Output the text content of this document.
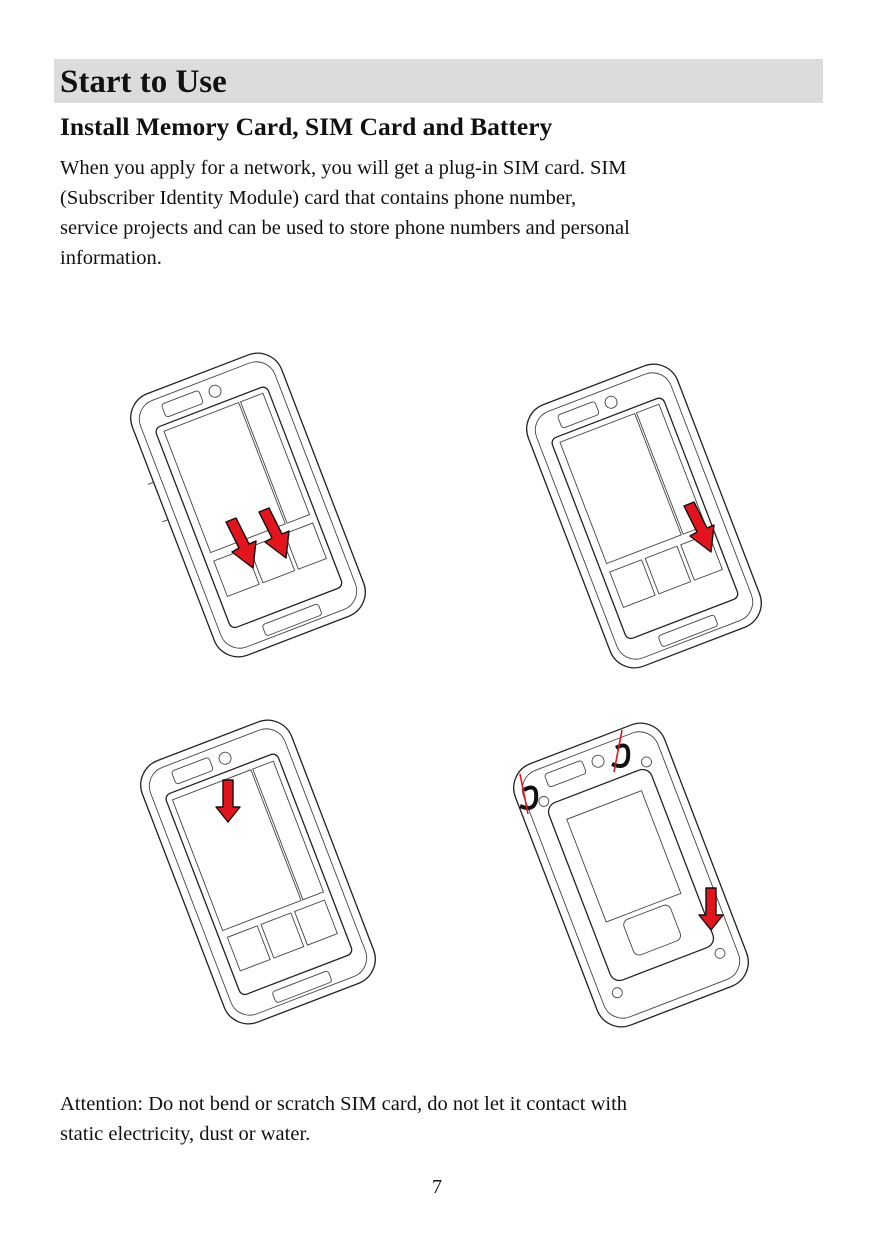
Start to Use
Install Memory Card, SIM Card and Battery

When you apply for a network, you will get a plug-in SIM card. SIM
(Subscriber Identity Module) card that contains phone number,
service projects and can be used to store phone numbers and personal
information.

Attention: Do not bend or scratch SIM card, do not let it contact with
static electricity, dust or water.

7
